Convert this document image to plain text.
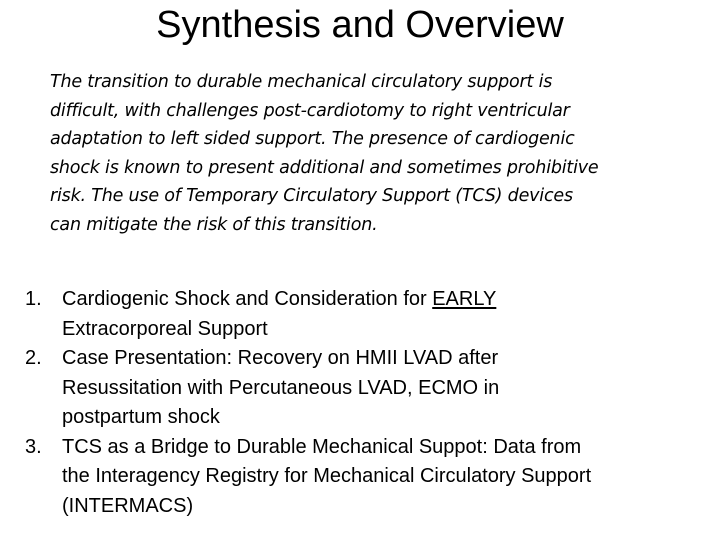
Synthesis and Overview
The transition to durable mechanical circulatory support is
difficult, with challenges post-cardiotomy to right ventricular
adaptation to left sided support. The presence of cardiogenic
shock is known to present additional and sometimes prohibitive
risk. The use of Temporary Circulatory Support (TCS) devices
can mitigate the risk of this transition.
1. Cardiogenic Shock and Consideration for EARLY
Extracorporeal Support
2. Case Presentation: Recovery on HMII LVAD after
Resussitation with Percutaneous LVAD, ECMO in
postpartum shock
3. TCS as a Bridge to Durable Mechanical Suppot: Data from
the Interagency Registry for Mechanical Circulatory Support
(INTERMACS)
